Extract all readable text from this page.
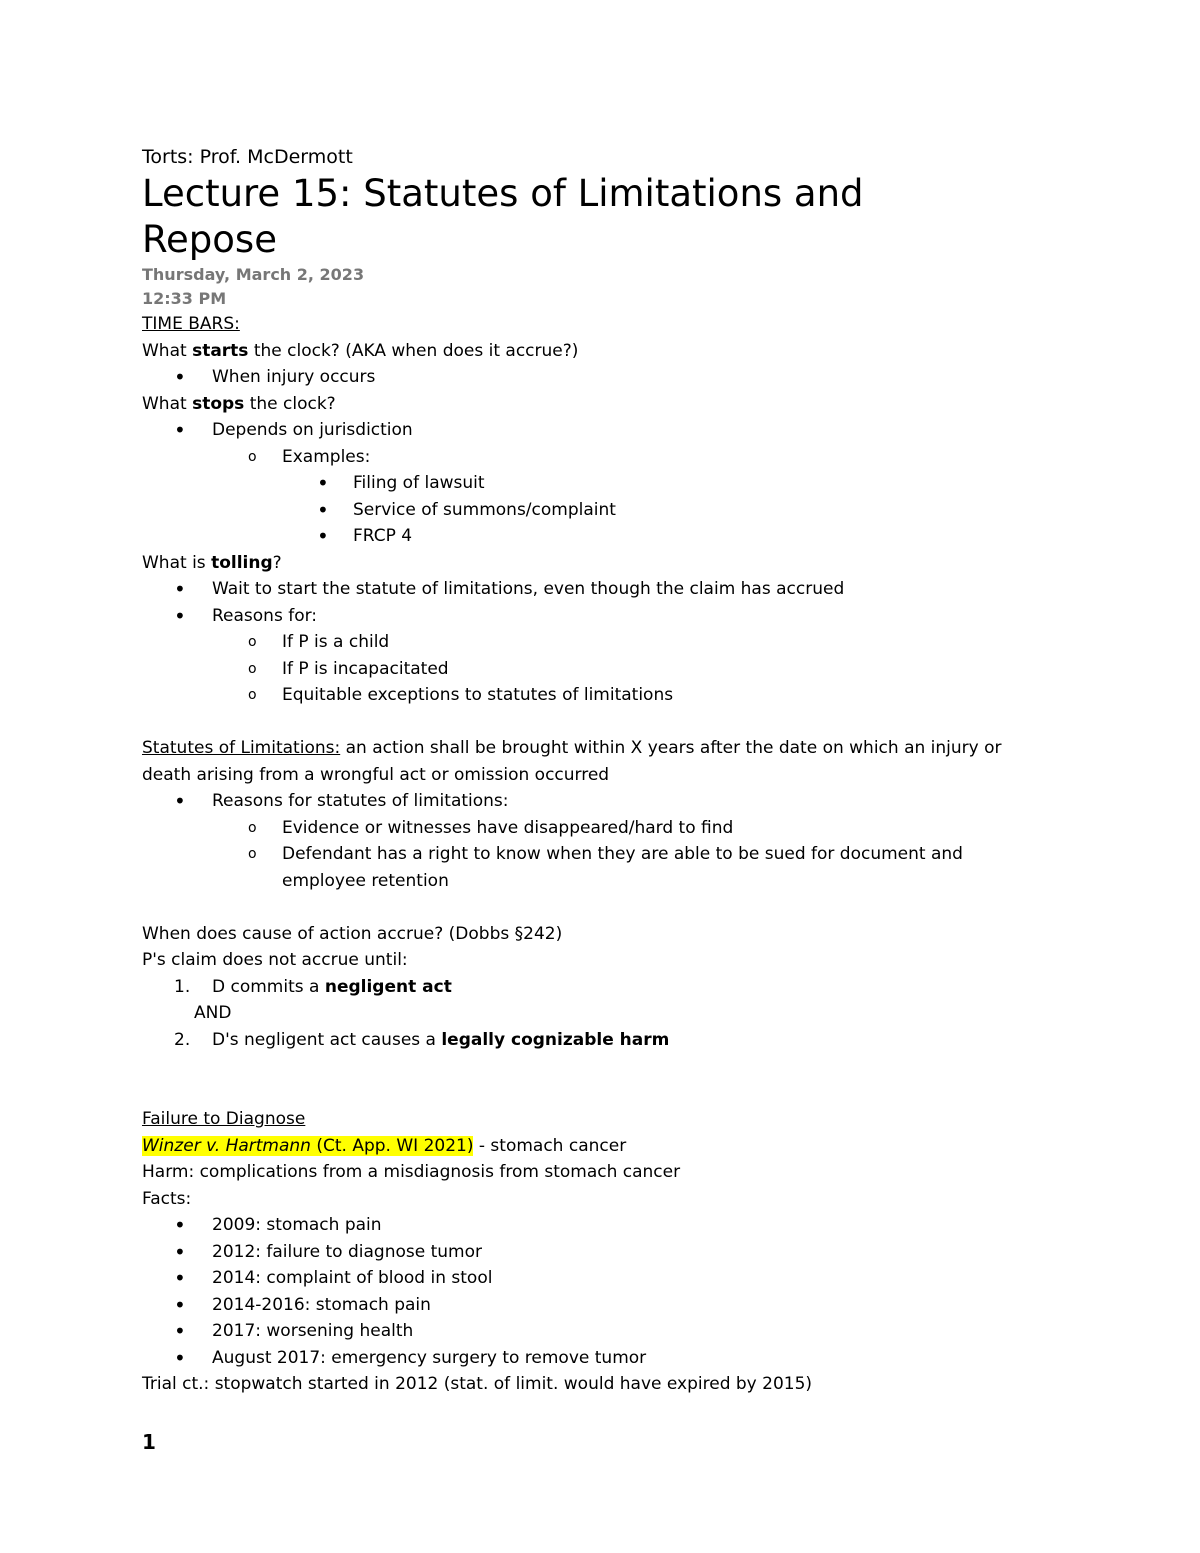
Torts: Prof. McDermott
Lecture 15: Statutes of Limitations and
Repose
Thursday, March 2, 2023
12:33 PM
TIME BARS:
What starts the clock? (AKA when does it accrue?)
• When injury occurs
What stops the clock?
• Depends on jurisdiction
o Examples:
• Filing of lawsuit
• Service of summons/complaint
• FRCP 4
What is tolling?
• Wait to start the statute of limitations, even though the claim has accrued
• Reasons for:
o If P is a child
o If P is incapacitated
o Equitable exceptions to statutes of limitations
Statutes of Limitations: an action shall be brought within X years after the date on which an injury or
death arising from a wrongful act or omission occurred
• Reasons for statutes of limitations:
o Evidence or witnesses have disappeared/hard to find
o Defendant has a right to know when they are able to be sued for document and
employee retention
When does cause of action accrue? (Dobbs §242)
P's claim does not accrue until:
1. D commits a negligent act
AND
2. D's negligent act causes a legally cognizable harm
Failure to Diagnose
Winzer v. Hartmann (Ct. App. WI 2021) - stomach cancer
Harm: complications from a misdiagnosis from stomach cancer
Facts:
• 2009: stomach pain
• 2012: failure to diagnose tumor
• 2014: complaint of blood in stool
• 2014-2016: stomach pain
• 2017: worsening health
• August 2017: emergency surgery to remove tumor
Trial ct.: stopwatch started in 2012 (stat. of limit. would have expired by 2015)
1
